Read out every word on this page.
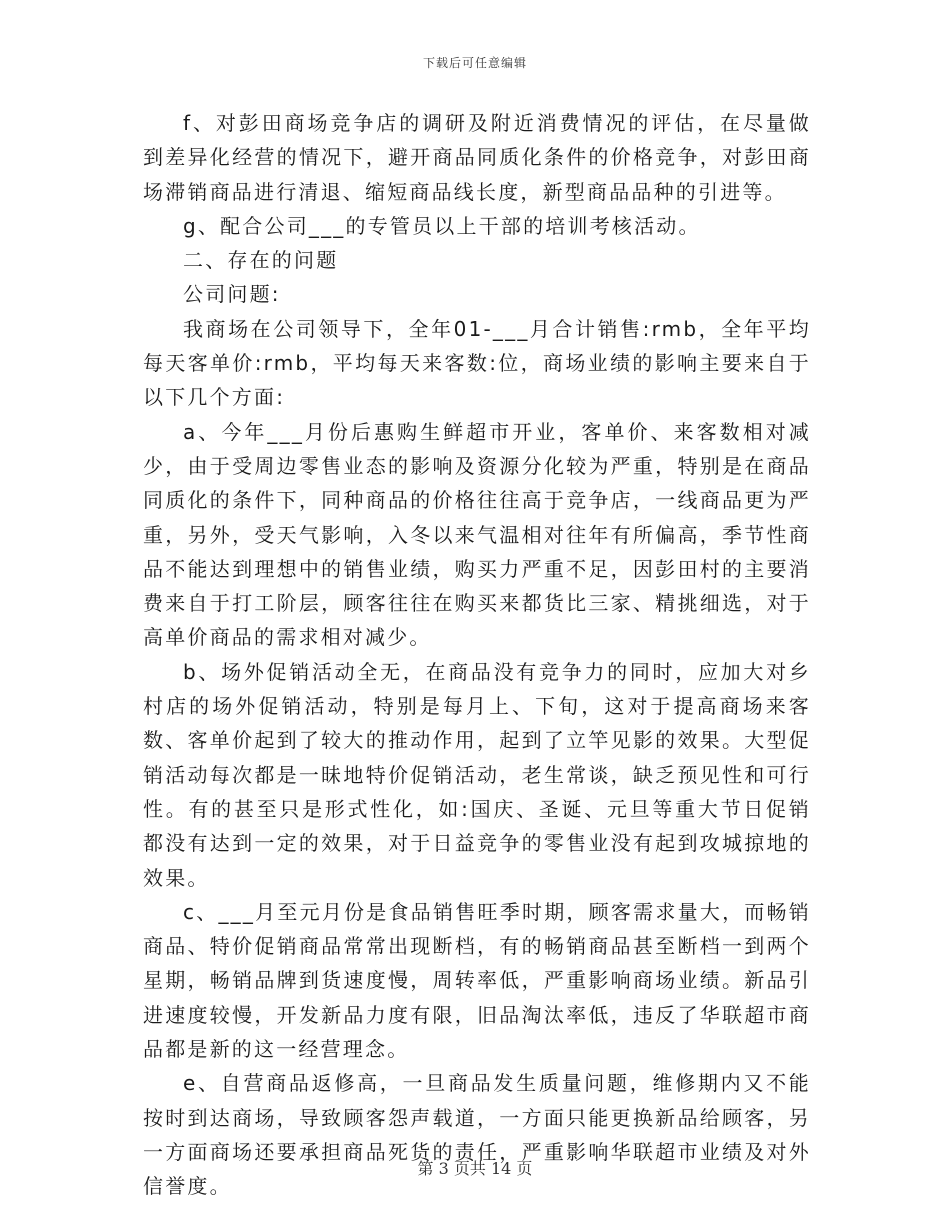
下载后可任意编辑

f、对彭田商场竞争店的调研及附近消费情况的评估，在尽量做到差异化经营的情况下，避开商品同质化条件的价格竞争，对彭田商场滞销商品进行清退、缩短商品线长度，新型商品品种的引进等。

g、配合公司___的专管员以上干部的培训考核活动。

二、存在的问题

公司问题:

我商场在公司领导下，全年01-___月合计销售:rmb，全年平均每天客单价:rmb，平均每天来客数:位，商场业绩的影响主要来自于以下几个方面:

a、今年___月份后惠购生鲜超市开业，客单价、来客数相对减少，由于受周边零售业态的影响及资源分化较为严重，特别是在商品同质化的条件下，同种商品的价格往往高于竞争店，一线商品更为严重，另外，受天气影响，入冬以来气温相对往年有所偏高，季节性商品不能达到理想中的销售业绩，购买力严重不足，因彭田村的主要消费来自于打工阶层，顾客往往在购买来都货比三家、精挑细选，对于高单价商品的需求相对减少。

b、场外促销活动全无，在商品没有竞争力的同时，应加大对乡村店的场外促销活动，特别是每月上、下旬，这对于提高商场来客数、客单价起到了较大的推动作用，起到了立竿见影的效果。大型促销活动每次都是一昧地特价促销活动，老生常谈，缺乏预见性和可行性。有的甚至只是形式性化，如:国庆、圣诞、元旦等重大节日促销都没有达到一定的效果，对于日益竞争的零售业没有起到攻城掠地的效果。

c、___月至元月份是食品销售旺季时期，顾客需求量大，而畅销商品、特价促销商品常常出现断档，有的畅销商品甚至断档一到两个星期，畅销品牌到货速度慢，周转率低，严重影响商场业绩。新品引进速度较慢，开发新品力度有限，旧品淘汰率低，违反了华联超市商品都是新的这一经营理念。

e、自营商品返修高，一旦商品发生质量问题，维修期内又不能按时到达商场，导致顾客怨声载道，一方面只能更换新品给顾客，另一方面商场还要承担商品死货的责任，严重影响华联超市业绩及对外信誉度。

第 3 页共 14 页
